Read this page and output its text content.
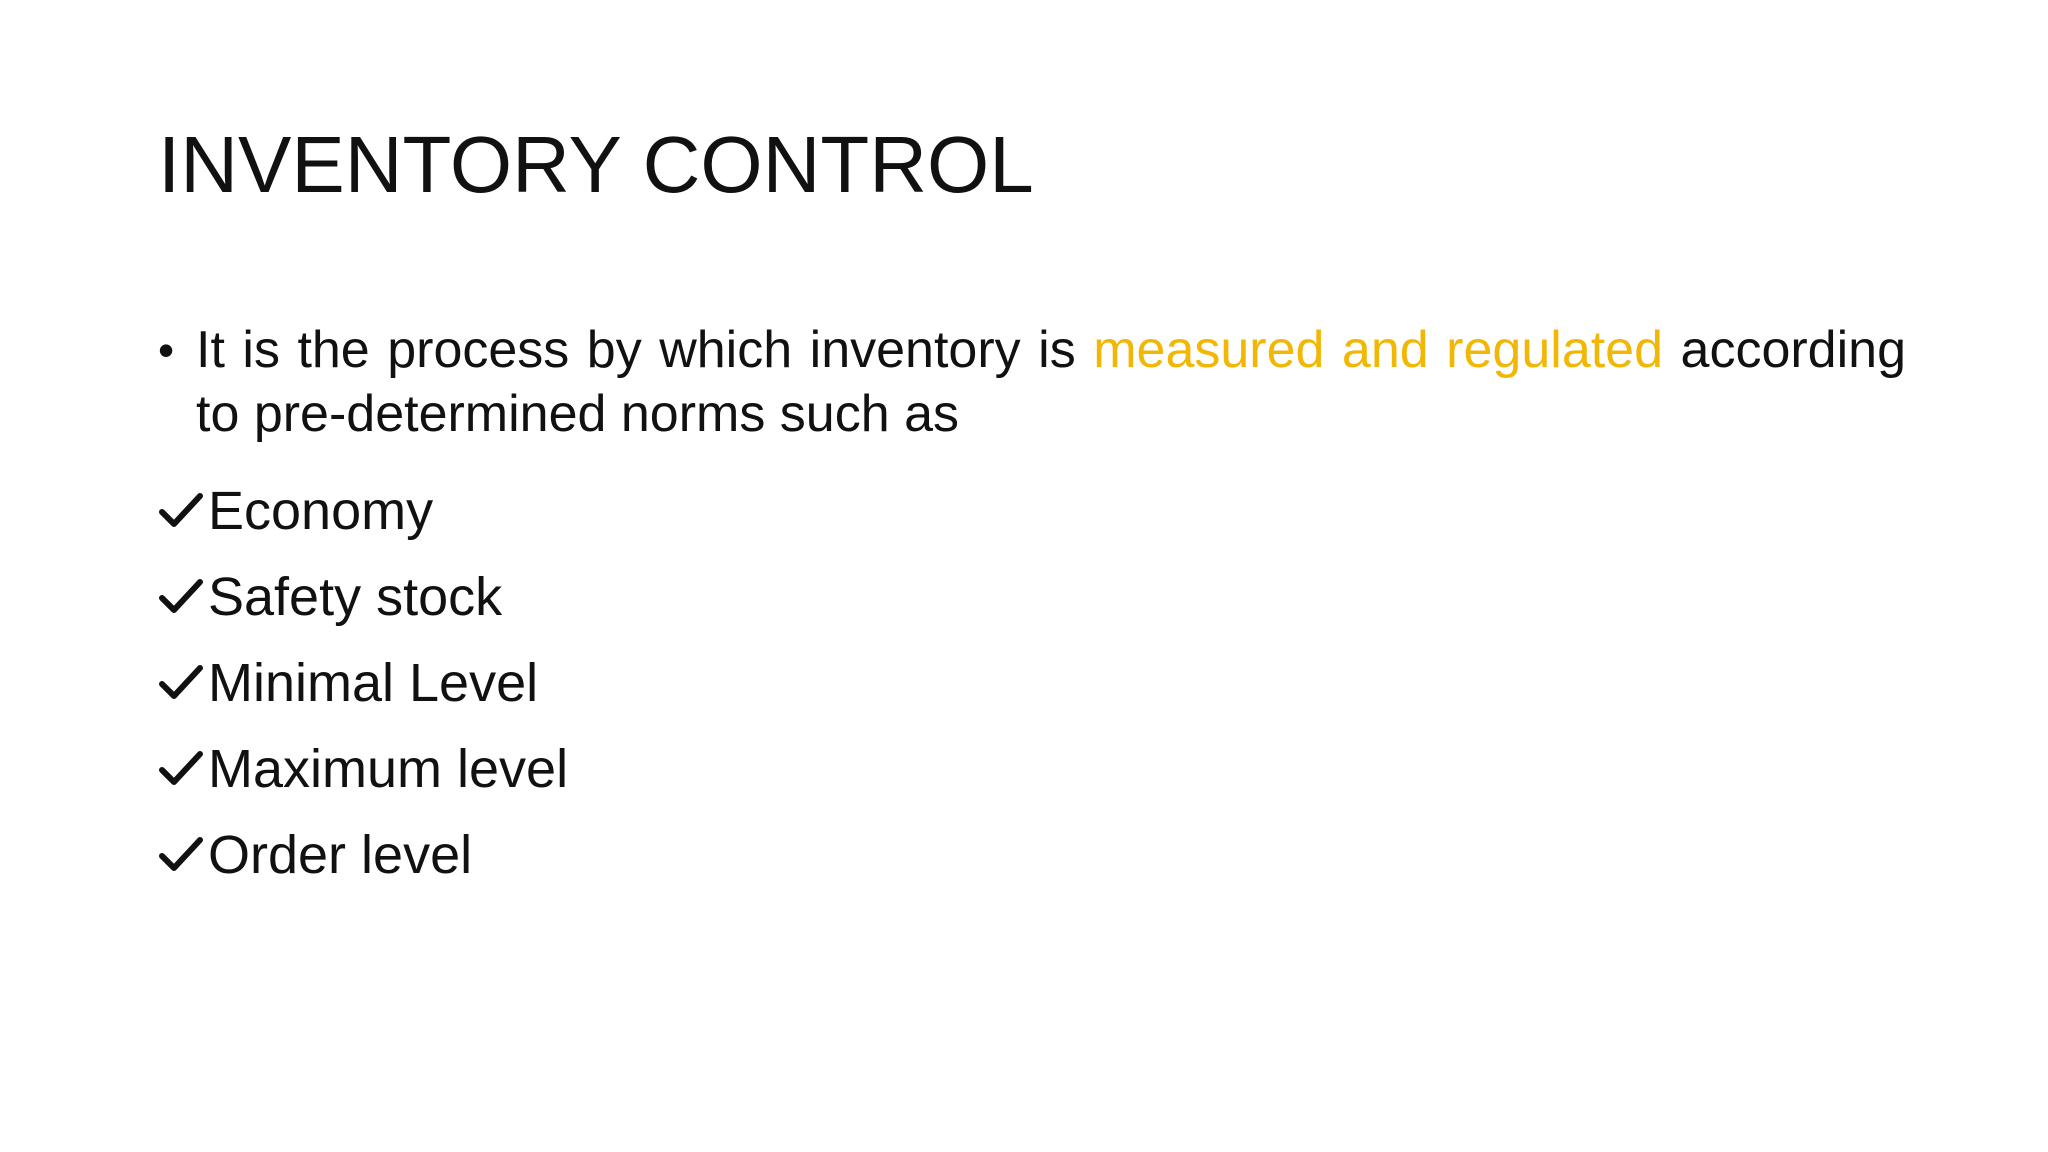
INVENTORY CONTROL

• It is the process by which inventory is measured and regulated according to pre-determined norms such as

Economy
Safety stock
Minimal Level
Maximum level
Order level
